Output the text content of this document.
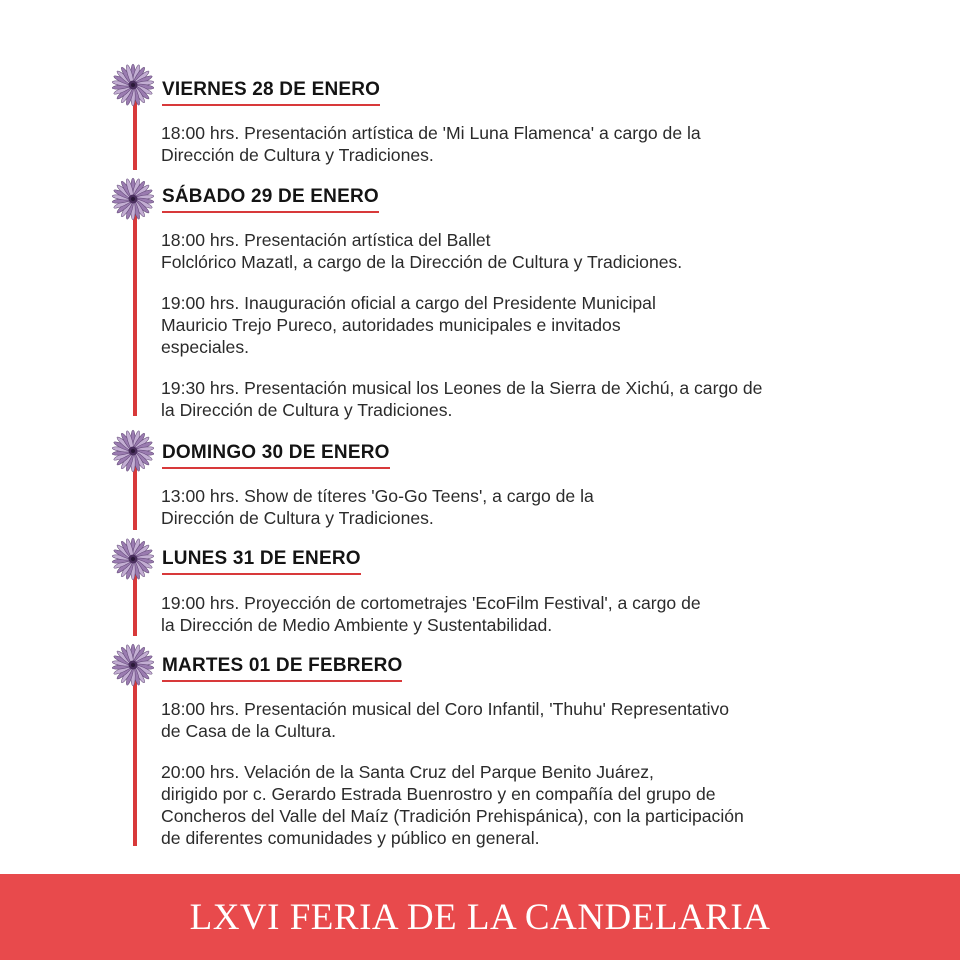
VIERNES 28 DE ENERO
18:00 hrs. Presentación artística de 'Mi Luna Flamenca' a cargo de la
Dirección de Cultura y Tradiciones.
SÁBADO 29 DE ENERO
18:00 hrs. Presentación artística del Ballet
Folclórico Mazatl, a cargo de la Dirección de Cultura y Tradiciones.
19:00 hrs. Inauguración oficial a cargo del Presidente Municipal
Mauricio Trejo Pureco, autoridades municipales e invitados
especiales.
19:30 hrs. Presentación musical los Leones de la Sierra de Xichú, a cargo de
la Dirección de Cultura y Tradiciones.
DOMINGO 30 DE ENERO
13:00 hrs. Show de títeres 'Go-Go Teens', a cargo de la
Dirección de Cultura y Tradiciones.
LUNES 31 DE ENERO
19:00 hrs. Proyección de cortometrajes 'EcoFilm Festival', a cargo de
la Dirección de Medio Ambiente y Sustentabilidad.
MARTES 01 DE FEBRERO
18:00 hrs. Presentación musical del Coro Infantil, 'Thuhu' Representativo
de Casa de la Cultura.
20:00 hrs. Velación de la Santa Cruz del Parque Benito Juárez,
dirigido por c. Gerardo Estrada Buenrostro y en compañía del grupo de
Concheros del Valle del Maíz (Tradición Prehispánica), con la participación
de diferentes comunidades y público en general.
LXVI FERIA DE LA CANDELARIA
